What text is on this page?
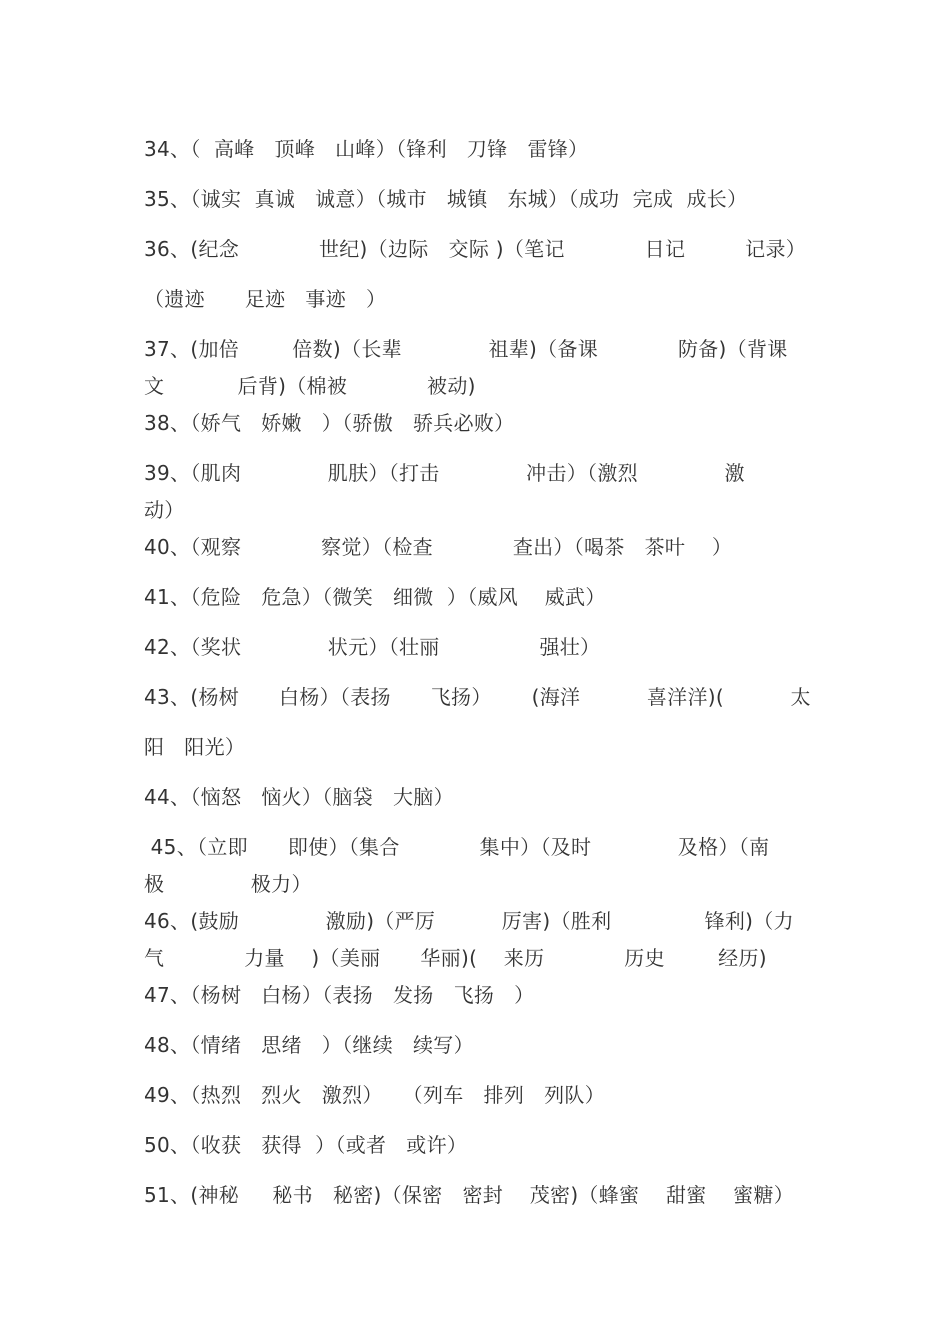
34、（  高峰   顶峰   山峰）（锋利   刀锋   雷锋）
35、（诚实  真诚   诚意）（城市   城镇   东城）（成功  完成  成长）
36、(纪念            世纪)（边际   交际 )（笔记            日记         记录）
（遗迹      足迹   事迹   ）
37、(加倍        倍数)（长辈             祖辈)（备课            防备)（背课
文           后背)（棉被            被动)
38、（娇气   娇嫩   ）（骄傲   骄兵必败）
39、（肌肉             肌肤）（打击             冲击）（激烈             激
动）
40、（观察            察觉）（检查            查出）（喝茶   茶叶    ）
41、（危险   危急）（微笑   细微  ）（威风    威武）
42、（奖状             状元）（壮丽               强壮）
43、(杨树      白杨）（表扬      飞扬）      (海洋          喜洋洋)(          太
阳   阳光）
44、（恼怒   恼火）（脑袋   大脑）
45、（立即      即使）（集合            集中）（及时             及格）（南
极             极力）
46、(鼓励             激励)（严厉          厉害)（胜利              锋利)（力
气            力量    )（美丽      华丽)(    来历            历史        经历)
47、（杨树   白杨）（表扬   发扬   飞扬   ）
48、（情绪   思绪   ）（继续   续写）
49、（热烈   烈火   激烈）   （列车   排列   列队）
50、（收获   获得  ）（或者   或许）
51、(神秘     秘书   秘密)（保密   密封    茂密)（蜂蜜    甜蜜    蜜糖）
